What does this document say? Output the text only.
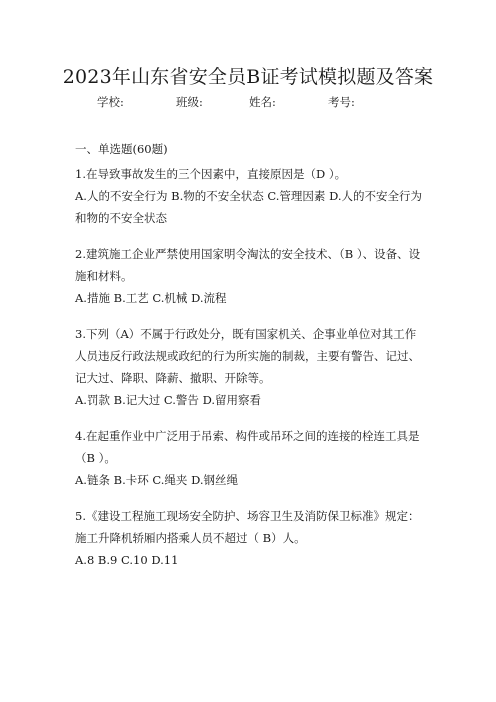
2023年山东省安全员B证考试模拟题及答案
学校:	班级:	姓名:	考号:

一、单选题(60题)

1.在导致事故发生的三个因素中，直接原因是（D ）。

A.人的不安全行为 B.物的不安全状态 C.管理因素 D.人的不安全行为和物的不安全状态

2.建筑施工企业严禁使用国家明令淘汰的安全技术、（B ）、设备、设施和材料。

A.措施 B.工艺 C.机械 D.流程

3.下列（A）不属于行政处分，既有国家机关、企事业单位对其工作人员违反行政法规或政纪的行为所实施的制裁，主要有警告、记过、记大过、降职、降薪、撤职、开除等。

A.罚款 B.记大过 C.警告 D.留用察看

4.在起重作业中广泛用于吊索、构件或吊环之间的连接的栓连工具是（B ）。

A.链条 B.卡环 C.绳夹 D.钢丝绳

5.《建设工程施工现场安全防护、场容卫生及消防保卫标准》规定：施工升降机轿厢内搭乘人员不超过（ B）人。

A.8 B.9 C.10 D.11
